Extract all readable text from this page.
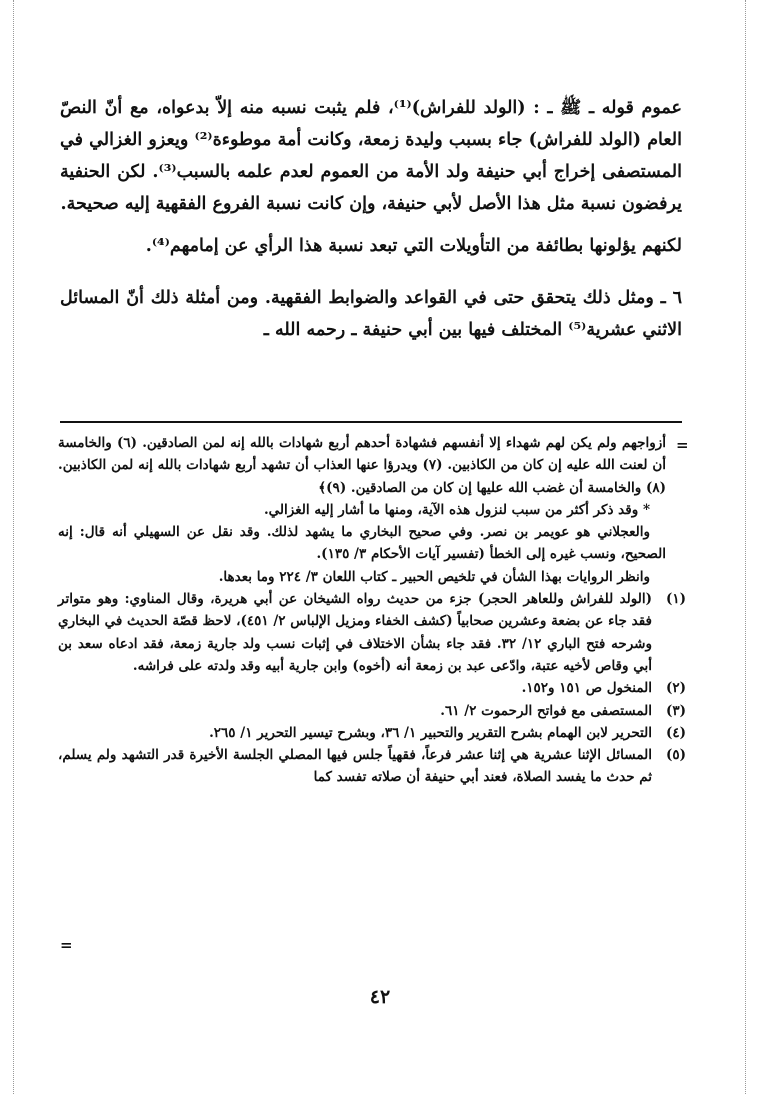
عموم قوله ـ ﷺ ـ : (الولد للفراش)⁽¹⁾، فلم يثبت نسبه منه إلاّ بدعواه، مع أنّ النصّ العام (الولد للفراش) جاء بسبب وليدة زمعة، وكانت أمة موطوءة⁽²⁾ ويعزو الغزالي في المستصفى إخراج أبي حنيفة ولد الأمة من العموم لعدم علمه بالسبب⁽³⁾. لكن الحنفية يرفضون نسبة مثل هذا الأصل لأبي حنيفة، وإن كانت نسبة الفروع الفقهية إليه صحيحة.

لكنهم يؤلونها بطائفة من التأويلات التي تبعد نسبة هذا الرأي عن إمامهم⁽⁴⁾.

٦ ـ ومثل ذلك يتحقق حتى في القواعد والضوابط الفقهية. ومن أمثلة ذلك أنّ المسائل الاثني عشرية⁽⁵⁾ المختلف فيها بين أبي حنيفة ـ رحمه الله ـ

=

أزواجهم ولم يكن لهم شهداء إلا أنفسهم فشهادة أحدهم أربع شهادات بالله إنه لمن الصادقين. (٦) والخامسة أن لعنت الله عليه إن كان من الكاذبين. (٧) ويدرؤا عنها العذاب أن تشهد أربع شهادات بالله إنه لمن الكاذبين. (٨) والخامسة أن غضب الله عليها إن كان من الصادقين. (٩)﴾

* وقد ذكر أكثر من سبب لنزول هذه الآية، ومنها ما أشار إليه الغزالي.

والعجلاني هو عويمر بن نصر. وفي صحيح البخاري ما يشهد لذلك. وقد نقل عن السهيلي أنه قال: إنه الصحيح، ونسب غيره إلى الخطأ (تفسير آيات الأحكام ٣/ ١٣٥).

وانظر الروايات بهذا الشأن في تلخيص الحبير ـ كتاب اللعان ٣/ ٢٢٤ وما بعدها.

(١)
(الولد للفراش وللعاهر الحجر) جزء من حديث رواه الشيخان عن أبي هريرة، وقال المناوي: وهو متواتر فقد جاء عن بضعة وعشرين صحابياً (كشف الخفاء ومزيل الإلباس ٢/ ٤٥١)، لاحظ قصّة الحديث في البخاري وشرحه فتح الباري ١٢/ ٣٢. فقد جاء بشأن الاختلاف في إثبات نسب ولد جارية زمعة، فقد ادعاه سعد بن أبي وقاص لأخيه عتبة، وادّعى عبد بن زمعة أنه (أخوه) وابن جارية أبيه وقد ولدته على فراشه.
(٢)
المنخول ص ١٥١ و١٥٢.
(٣)
المستصفى مع فواتح الرحموت ٢/ ٦١.
(٤)
التحرير لابن الهمام بشرح التقرير والتحبير ١/ ٣٦، وبشرح تيسير التحرير ١/ ٢٦٥.
(٥)
المسائل الإثنا عشرية هي إثنا عشر فرعاً، فقهياً جلس فيها المصلي الجلسة الأخيرة قدر التشهد ولم يسلم، ثم حدث ما يفسد الصلاة، فعند أبي حنيفة أن صلاته تفسد كما
=
٤٢
